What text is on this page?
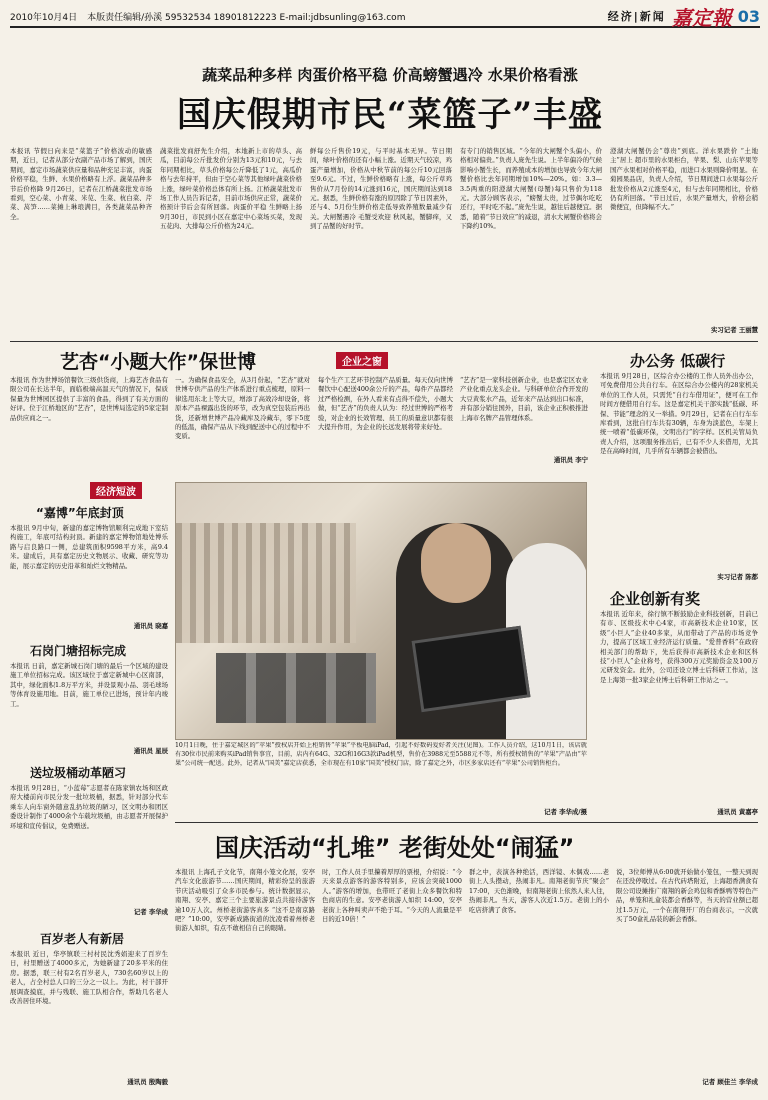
2010年10月4日 本版责任编辑/孙溪 59532534 18901812223 E-mail:jdbsunling@163.com	经济|新闻 嘉定報 03
蔬菜品种多样 肉蛋价格平稳 价高螃蟹遇冷 水果价格看涨
国庆假期市民“菜篮子”丰盛
本报讯 节假日向来是“菜篮子”价格波动的敏感期，近日，记者从部分农副产品市场了解到，国庆期间，嘉定市场蔬菜供应量和品种充足丰富，肉蛋价格平稳，生鲜、水果价格略有上浮。蔬菜品种多 节后价格降 9月26日，记者在江桥蔬菜批发市场看到，空心菜、小青菜、米苋、生菜、杭白菜、芹菜、莴笋……菜摊上琳琅满目，各类蔬菜品种齐全。
蔬菜批发商舒先生介绍，本地新上市的草头、高瓜，目前每公斤批发价分别为13元和10元，与去年同期相比，草头价格每公斤降低了1元，高瓜价格与去年持平，但由于空心菜等其他绿叶蔬菜价格上涨，绿叶菜价格总体有所上扬。江桥蔬菜批发市场工作人员告诉记者，目前市场供应正常，蔬菜价格预计节后会有所回落。肉蛋价平稳 生鲜略上扬 9月30日，市民到小区在嘉定中心菜场买菜，发现五花肉、大排每公斤价格为24元。
鲜每公斤售价19元，与平时基本无异。节日期间，绿叶价格的还有小幅上涨。近期天气较凉，鸡蛋产量增加，价格从中秋节前的每公斤10元回落至9.6元。不过，生鲜价格略有上涨，每公斤草鸡售价从7月份的14元涨到16元，国庆期间达到18元。据悉，生鲜价格有涨的原因除了节日因素外，还与4、5月份生鲜价格走低导致养殖数量减少有关。大闸蟹遇冷 毛蟹受欢迎 秋风起，蟹脚痒，又到了品蟹的好时节。
有专门的销售区域。“今年的大闸蟹个头偏小，价格相对偏贵。”负责人庞先生说。上半年偏冷的气候影响小蟹生长，而养殖成本的增加也导致今年大闸蟹价格比去年同期增加10%—20%。如：3.3—3.5两重的阳澄湖大闸蟹(母蟹)每只售价为118元。大部分顾客表示，“螃蟹太贵，过节偶尔吃吃还行，平时吃不起。”庞先生说，越往后越便宜。据悉，随着“节日效应”的减退，清水大闸蟹价格将会下降约10%。
澄湖大闸蟹仍会“尊贵”到底。洋水果跌价 “土地主”居上 超市里的水果柜台，苹果、梨、山东苹果等国产水果相对价格平稳，而进口水果则降价明显。在菊园果品店，负责人介绍，节日期间进口水果每公斤批发价格从2元涨至4元，但与去年同期相比，价格仍有所回落。“节日过后，水果产量增大，价格会稍微便宜，但降幅不大。”
实习记者 王丽慧
艺杏“小题大作”保世博	企业之窗
本报讯 作为世博场馆餐饮三级供货商，上海艺杏食品有限公司在长达半年，面临极端高温天气的情况下，保质保量为世博园区提供了丰富的食品，得到了有关方面的好评。位于江桥地区的“艺杏”，是世博局选定的5家定制品供应商之一。
一。为确保食品安全，从3月份起，“艺杏”就对世博专供产品的生产体系进行重点梳理，原料一律选用东北上等大豆，增添了高效冷却设备，将原本产品裸露出货的环节，改为真空包装后再出货，还新增世博产品冷藏库及冷藏车，零下5度的低温，确保产品从下线到配送中心的过程中不变质。
每个生产工艺环节控制产品质量。每天仅向世博餐饮中心配送400余公斤的产品，每件产品都经过严格检测，在外人看来有点得不偿失，小题大做，但“艺杏”的负责人认为：经过世博的严格考验，对企业的长效管理、员工的质量意识都有很大提升作用，为企业的长远发展将带来好处。
“艺杏”是一家科技创新企业，也是嘉定区农业产业化重点龙头企业。与科研单位合作开发的大豆黄浆水产品，近年来产品达到出口标准，并有部分销往国外，目前，该企业正积极推进上海市名牌产品管理体系。
通讯员 李宁
办公务 低碳行
本报讯 9月28日，区综合办公楼的工作人员外出办公，可免费借用公共自行车。在区综合办公楼内的28家机关单位的工作人员，只需凭“自行车借用证”，便可在工作时间方便借用自行车。这是嘉定机关干部实践“低碳、环保、节能”理念的又一举措。9月29日，记者在自行车车库看到，这批自行车共有30辆，车身为淡蓝色，车架上统一喷着“低碳环保，文明出行”的字样。区机关管局负责人介绍，这项服务推出后，已有不少人来借用，尤其是在高峰时间，几乎所有车辆都会被借出。
实习记者 陈都
经济短波
“嘉博”年底封顶
本报讯 9月中旬，新建的嘉定博物馆顺利完成地下室结构施工，年底可结构封顶。新建的嘉定博物馆地处博乐路与启良路口一侧，总建筑面积9598平方米，高9.4米。建成后，具有嘉定历史文物展示、收藏、研究等功能，展示嘉定的历史沿革和灿烂文物精品。
通讯员 晓嘉
石岗门塘招标完成
本报讯 日前，嘉定新城石岗门塘的最后一个区域的建设施工单位招标完成。该区域位于嘉定新城中心区南部，其中，绿化面积1.8万平方米，并设景观小品、羽毛球场等体育设施用地。目前，施工单位已进场，预计年内竣工。
通讯员 星辰
送垃圾桶动革陋习
本报讯 9月28日，“小蓝莓”志愿者在陈家镇农场和区政府大楼前向市民分发一批垃圾桶，据悉，针对部分代车乘车人向车窗外随意乱扔垃圾的陋习，区文明办和团区委设计制作了4000余个车载垃圾桶，由志愿者开展保护环境和宣传倡议，免费赠送。
记者 李华成
百岁老人有新居
本报讯 近日，华亭镇联三村村民沈秀娟迎来了百岁生日，村里赠送了4000多元，为她新建了20多平米的住房。据悉，联三村有2名百岁老人，730名60岁以上的老人，占全村总人口的三分之一以上。为此，村干部开展调查摸底，并与残联、施工队相合作，帮助几名老人改善居住环境。
通讯员 殷陶毅
10月1日晚，住于嘉定城区的“苹果”授权店开始上柜销售“苹果”平板电脑iPad，引起不好数码爱好者关注(见图)。工作人员介绍，这10月1日，该店就有30位市民前来购买iPad销售事宜，目前，店内有64G、32G和16G3款iPad机型，售价在3988元至5588元不等，所有授权销售的“苹果”产品由“苹果”公司统一配送。此外，记者从“国美”嘉定店获悉，全市现在有10家“国美”授权门店，除了嘉定之外，市区多家店还有“苹果”公司销售柜台。
记者 李华成/摄
企业创新有奖
本报讯 近年来，徐行镇不断鼓励企业科技创新，目前已有市、区级技术中心4家，市高新技术企业10家，区级“小巨人”企业40多家，从而带动了产品的市场竞争力，提高了区域工业经济运行质量。“爱普香料”在政府相关部门的帮助下，先后获得市高新技术企业和区科技“小巨人”企业称号，获得300万元奖励资金及100万元研发资金。此外，公司还设立博士后科研工作站，这是上海第一批3家企业博士后科研工作站之一。
通讯员 黄嘉亭
国庆活动“扎堆” 老街处处“闹猛”
本报讯 上海孔子文化节，南翔小笼文化展，安亭汽车文化旅游节……国庆期间，精彩纷呈的旅游节庆活动吸引了众多市民参与。统计数据显示，南翔、安亭、嘉定三个主要旅游景点共接待游客逾10万人次。州桥老街游客真多 “这不是南京路吧？”10:00，安亭新成路街道的沈凌看着州桥老街游人如织，有点不敢相信自己的眼睛。
时，工作人员手里攥着厚厚的票根，介绍说：“今天来景点游客的游客特别多，应该会突破1000人。”游客的增加，也带旺了老街上众多餐饮和特色商店的生意。安亭老街游人如织 14:00，安亭老街上各种叫卖声不绝于耳。“今天的人流量是平日的近10倍！”
群之中，表演各种绝活，西洋镜、木偶戏……老街上人头攒动，热闹非凡。南翔老街节庆“聚会” 17:00，天色渐晚，但南翔老街上依然人来人往，热闹非凡。当天，游客人次近1.5万。老街上的小吃店挤满了食客。
说，3位师傅从6:00就开始做小笼包，一整天到现在还没停歇过。在古代砖塔附近，上海超香满食有限公司设摊推广南翔的新会鸡包和香酥鸭等特色产品，单笼和礼盒装都会香酥等，当天的营业额已超过1.5万元，一个在南翔开厂的台商表示，一次就买了50盒礼品装的新会香酥。
记者 顾佳兰 李华成
